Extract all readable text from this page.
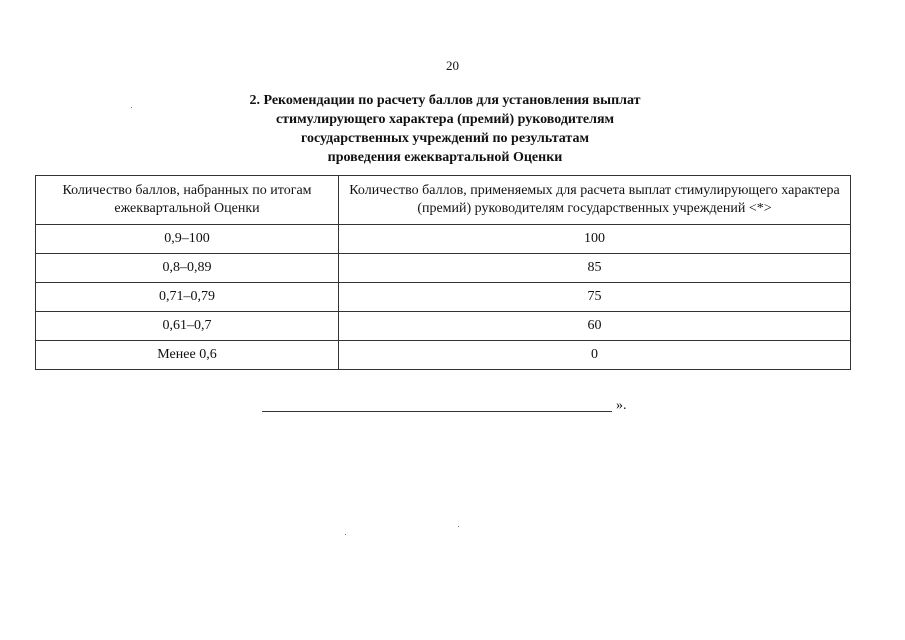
20
2. Рекомендации по расчету баллов для установления выплат
стимулирующего характера (премий) руководителям
государственных учреждений по результатам
проведения ежеквартальной Оценки
Количество баллов, набранных по итогам ежеквартальной Оценки	Количество баллов, применяемых для расчета выплат стимулирующего характера (премий) руководителям государственных учреждений <*>
0,9–100	100
0,8–0,89	85
0,71–0,79	75
0,61–0,7	60
Менее 0,6	0
».
